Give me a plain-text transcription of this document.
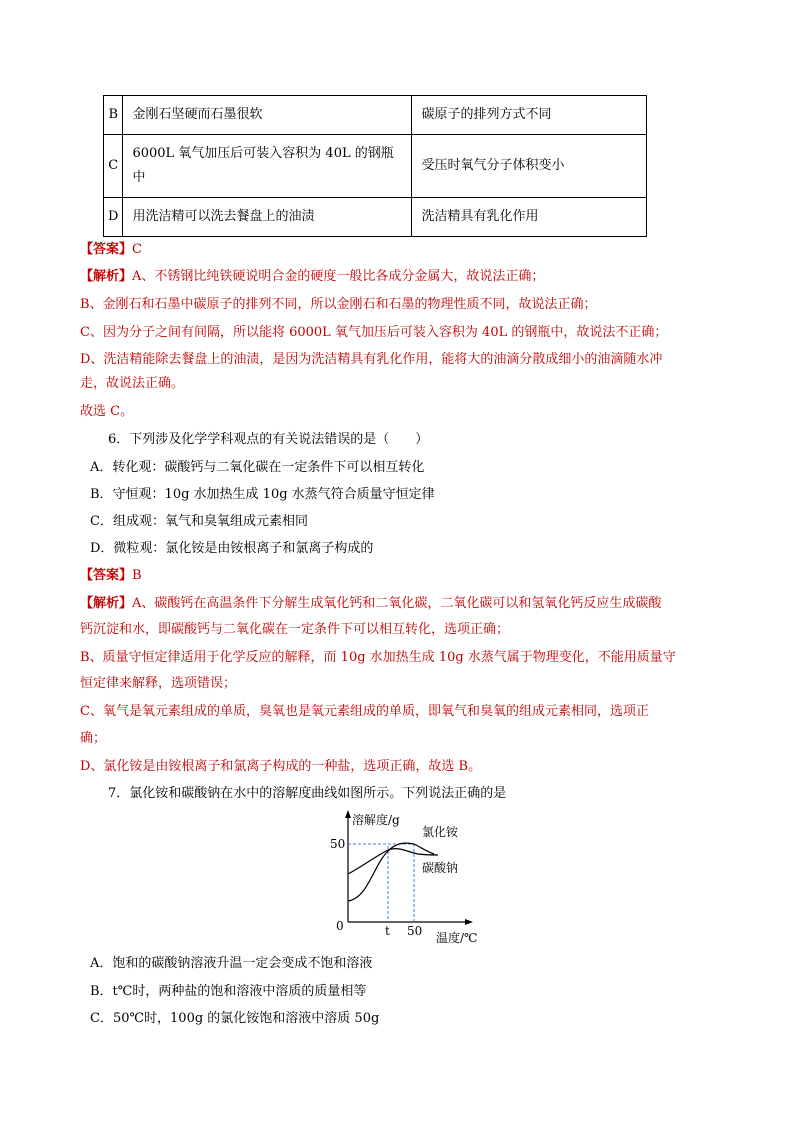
B	金刚石坚硬而石墨很软	碳原子的排列方式不同
C	6000L 氧气加压后可装入容积为 40L 的钢瓶中	受压时氧气分子体积变小
D	用洗洁精可以洗去餐盘上的油渍	洗洁精具有乳化作用
【答案】C
【解析】A、不锈钢比纯铁硬说明合金的硬度一般比各成分金属大，故说法正确；
B、金刚石和石墨中碳原子的排列不同，所以金刚石和石墨的物理性质不同，故说法正确；
C、因为分子之间有间隔，所以能将 6000L 氧气加压后可装入容积为 40L 的钢瓶中，故说法不正确；
D、洗洁精能除去餐盘上的油渍，是因为洗洁精具有乳化作用，能将大的油滴分散成细小的油滴随水冲
走，故说法正确。
故选 C。
6．下列涉及化学学科观点的有关说法错误的是（　　）
A．转化观：碳酸钙与二氧化碳在一定条件下可以相互转化
B．守恒观：10g 水加热生成 10g 水蒸气符合质量守恒定律
C．组成观：氧气和臭氧组成元素相同
D．微粒观：氯化铵是由铵根离子和氯离子构成的
【答案】B
【解析】A、碳酸钙在高温条件下分解生成氧化钙和二氧化碳，二氧化碳可以和氢氧化钙反应生成碳酸
钙沉淀和水，即碳酸钙与二氧化碳在一定条件下可以相互转化，选项正确；
B、质量守恒定律适用于化学反应的解释，而 10g 水加热生成 10g 水蒸气属于物理变化，不能用质量守
恒定律来解释，选项错误；
C、氧气是氧元素组成的单质，臭氧也是氧元素组成的单质，即氧气和臭氧的组成元素相同，选项正
确；
D、氯化铵是由铵根离子和氯离子构成的一种盐，选项正确，故选 B。
7．氯化铵和碳酸钠在水中的溶解度曲线如图所示。下列说法正确的是
溶解度/g
氯化铵
碳酸钠
50
0	t 50 温度/℃
A．饱和的碳酸钠溶液升温一定会变成不饱和溶液
B．t℃时，两种盐的饱和溶液中溶质的质量相等
C．50℃时，100g 的氯化铵饱和溶液中溶质 50g
